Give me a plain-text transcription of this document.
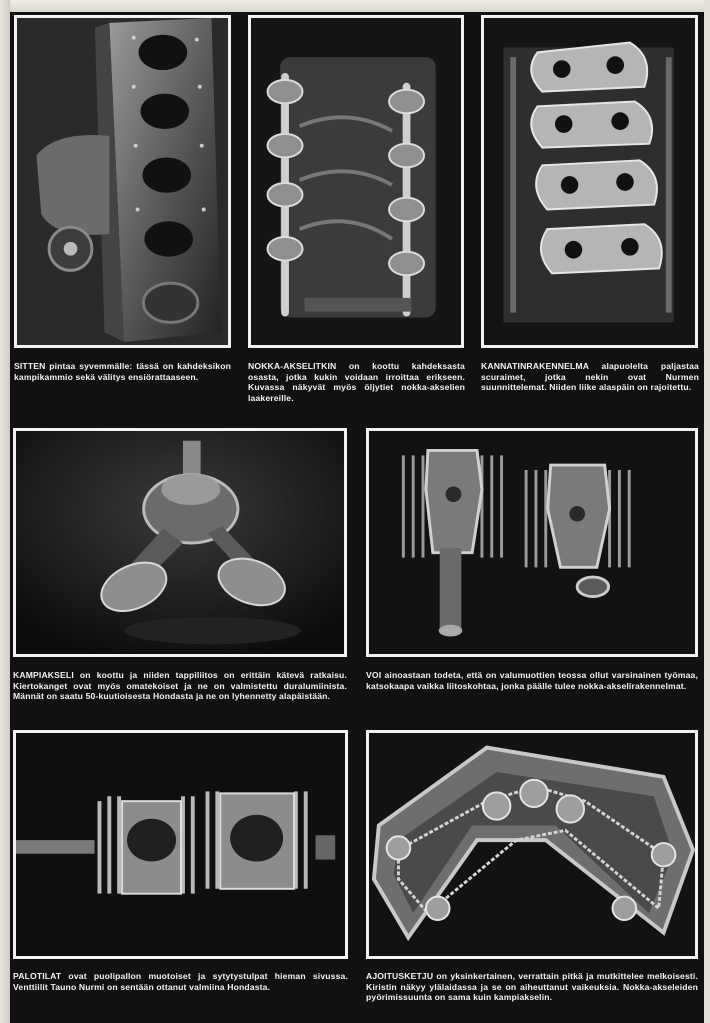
SITTEN pintaa syvemmälle: tässä on kahdeksikon kampikammio sekä välitys ensiörattaaseen.
NOKKA-AKSELITKIN on koottu kahdeksasta osasta, jotka kukin voidaan irroittaa erikseen. Kuvassa näkyvät myös öljytiet nokka-akselien laakereille.
KANNATINRAKENNELMA alapuolelta paljastaa scuraimet, jotka nekin ovat Nurmen suunnittelemat. Niiden liike alaspäin on rajoitettu.
KAMPIAKSELI on koottu ja niiden tappiliitos on erittäin kätevä ratkaisu. Kiertokanget ovat myös omatekoiset ja ne on valmistettu duralumiinista. Männät on saatu 50-kuutioisesta Hondasta ja ne on lyhennetty alapäistään.
VOI ainoastaan todeta, että on valumuottien teossa ollut varsinainen työmaa, katsokaapa vaikka liitoskohtaa, jonka päälle tulee nokka-akselirakennelmat.
PALOTILAT ovat puolipallon muotoiset ja sytytystulpat hieman sivussa. Venttiilit Tauno Nurmi on sentään ottanut valmiina Hondasta.
AJOITUSKETJU on yksinkertainen, verrattain pitkä ja mutkittelee melkoisesti. Kiristin näkyy ylälaidassa ja se on aiheuttanut vaikeuksia. Nokka-akseleiden pyörimissuunta on sama kuin kampiakselin.
